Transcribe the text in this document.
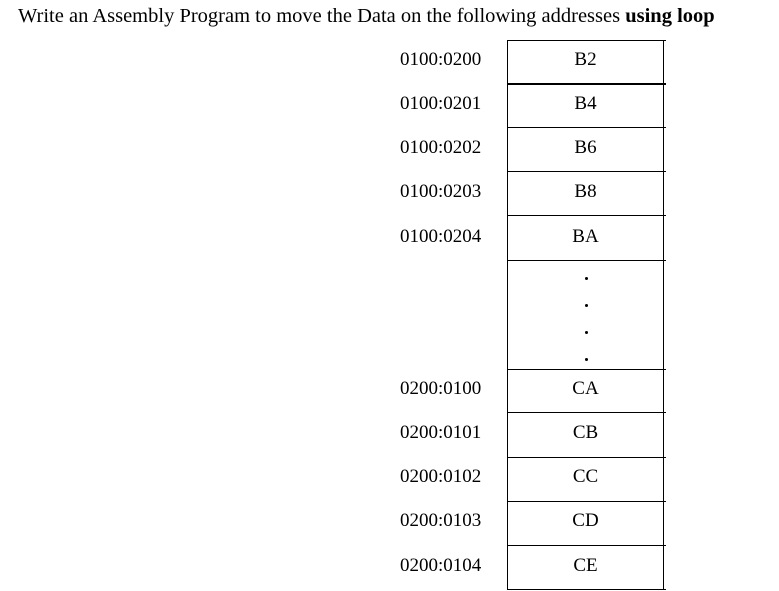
Write an Assembly Program to move the Data on the following addresses using loop
0100:0200	B2
0100:0201	B4
0100:0202	B6
0100:0203	B8
0100:0204	BA
0200:0100	CA
0200:0101	CB
0200:0102	CC
0200:0103	CD
0200:0104	CE
